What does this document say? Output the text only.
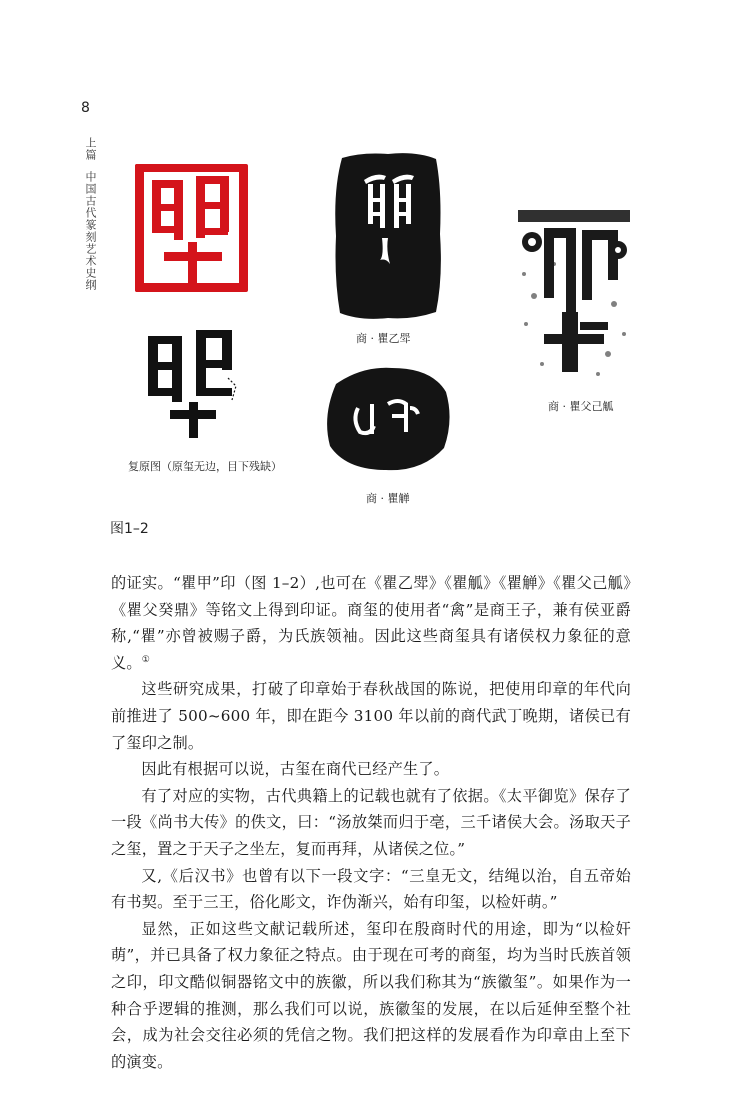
8
上篇中国古代篆刻艺术史纲
复原图（原玺无边，目下残缺）
商 · 瞿乙斝
商 · 瞿觯
商 · 瞿父己觚
图1–2

的证实。“瞿甲”印（图 1–2）,也可在《瞿乙斝》《瞿觚》《瞿觯》《瞿父己觚》《瞿父癸鼎》等铭文上得到印证。商玺的使用者“禽”是商王子，兼有侯亚爵称,“瞿”亦曾被赐子爵，为氏族领袖。因此这些商玺具有诸侯权力象征的意义。①

这些研究成果，打破了印章始于春秋战国的陈说，把使用印章的年代向前推进了 500~600 年，即在距今 3100 年以前的商代武丁晚期，诸侯已有了玺印之制。

因此有根据可以说，古玺在商代已经产生了。

有了对应的实物，古代典籍上的记载也就有了依据。《太平御览》保存了一段《尚书大传》的佚文，曰：“汤放桀而归于亳，三千诸侯大会。汤取天子之玺，置之于天子之坐左，复而再拜，从诸侯之位。”

又,《后汉书》也曾有以下一段文字：“三皇无文，结绳以治，自五帝始有书契。至于三王，俗化彫文，诈伪渐兴，始有印玺，以检奸萌。”

显然，正如这些文献记载所述，玺印在殷商时代的用途，即为“以检奸萌”，并已具备了权力象征之特点。由于现在可考的商玺，均为当时氏族首领之印，印文酷似铜器铭文中的族徽，所以我们称其为“族徽玺”。如果作为一种合乎逻辑的推测，那么我们可以说，族徽玺的发展，在以后延伸至整个社会，成为社会交往必须的凭信之物。我们把这样的发展看作为印章由上至下的演变。
